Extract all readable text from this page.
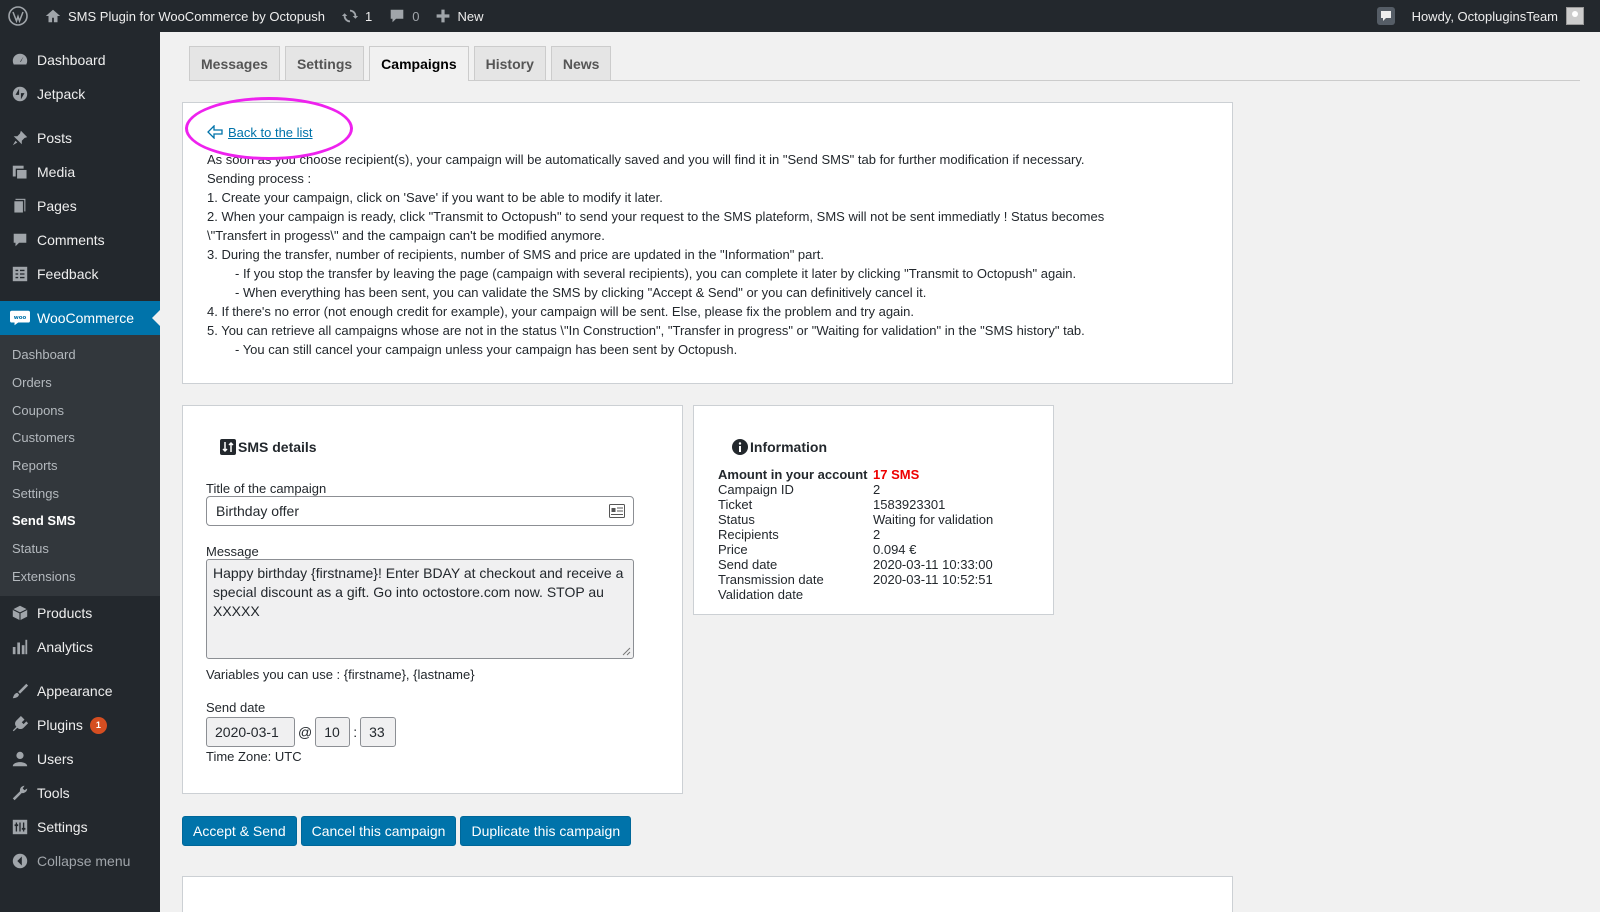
SMS Plugin for WooCommerce by Octopush	1	0	New	Howdy, OctopluginsTeam
Dashboard
Jetpack
Posts
Media
Pages
Comments
Feedback
woo WooCommerce
Dashboard
Orders
Coupons
Customers
Reports
Settings
Send SMS
Status
Extensions
Products
Analytics
Appearance
Plugins	1
Users
Tools
Settings
Collapse menu
Messages	Settings	Campaigns	History	News
Back to the list
As soon as you choose recipient(s), your campaign will be automatically saved and you will find it in "Send SMS" tab for further modification if necessary.
Sending process :
1. Create your campaign, click on 'Save' if you want to be able to modify it later.
2. When your campaign is ready, click "Transmit to Octopush" to send your request to the SMS plateform, SMS will not be sent immediatly ! Status becomes
\"Transfert in progess\" and the campaign can't be modified anymore.
3. During the transfer, number of recipients, number of SMS and price are updated in the "Information" part.
- If you stop the transfer by leaving the page (campaign with several recipients), you can complete it later by clicking "Transmit to Octopush" again.
- When everything has been sent, you can validate the SMS by clicking "Accept & Send" or you can definitively cancel it.
4. If there's no error (not enough credit for example), your campaign will be sent. Else, please fix the problem and try again.
5. You can retrieve all campaigns whose are not in the status \"In Construction", "Transfer in progress" or "Waiting for validation" in the "SMS history" tab.
- You can still cancel your campaign unless your campaign has been sent by Octopush.
SMS details
Title of the campaign
Birthday offer
Message
Happy birthday {firstname}! Enter BDAY at checkout and receive a special discount as a gift. Go into octostore.com now. STOP au XXXXX
Variables you can use : {firstname}, {lastname}
Send date
2020-03-1	@ 10 : 33
Time Zone: UTC
Information
Amount in your account 17 SMS
Campaign ID	2
Ticket	1583923301
Status	Waiting for validation
Recipients	2
Price	0.094 €
Send date	2020-03-11 10:33:00
Transmission date	2020-03-11 10:52:51
Validation date
Accept & Send	Cancel this campaign	Duplicate this campaign
